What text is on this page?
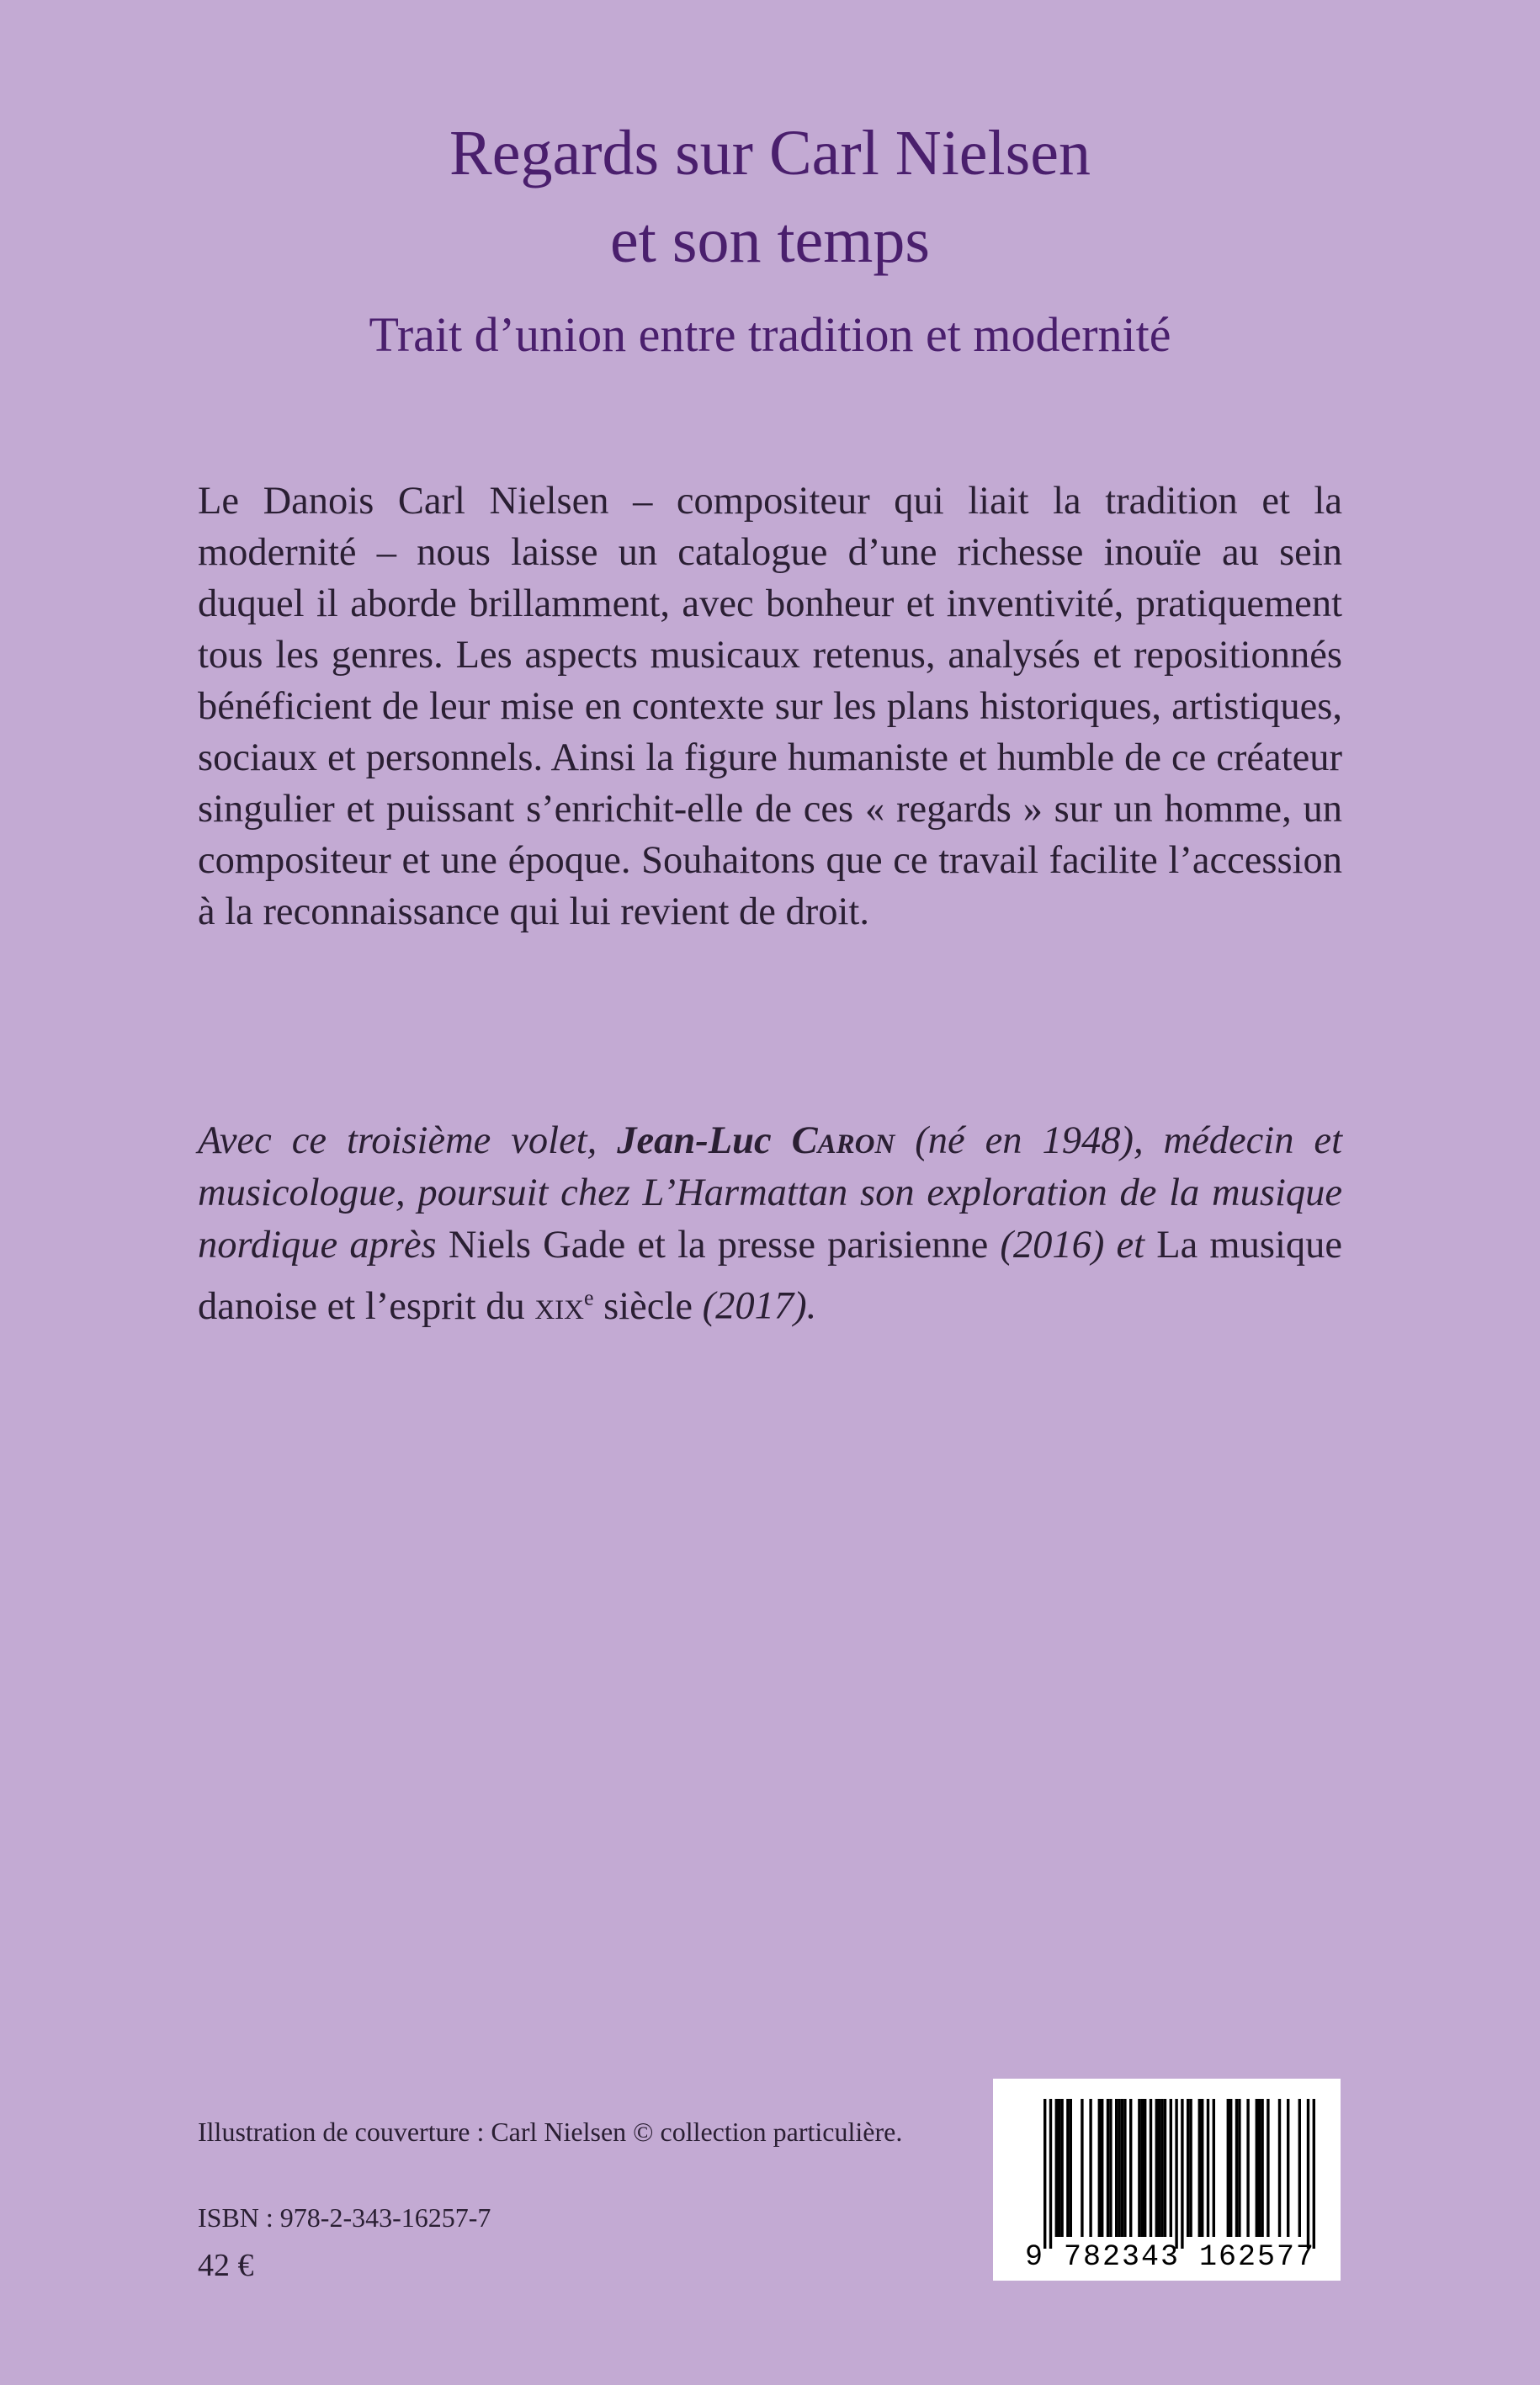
Regards sur Carl Nielsen
et son temps
Trait d’union entre tradition et modernité

Le Danois Carl Nielsen – compositeur qui liait la tradition et la modernité – nous laisse un catalogue d’une richesse inouïe au sein duquel il aborde brillamment, avec bonheur et inventivité, pratiquement tous les genres. Les aspects musicaux retenus, analysés et repositionnés bénéficient de leur mise en contexte sur les plans historiques, artistiques, sociaux et personnels. Ainsi la figure humaniste et humble de ce créateur singulier et puissant s’enrichit-elle de ces « regards » sur un homme, un compositeur et une époque. Souhaitons que ce travail facilite l’accession à la reconnaissance qui lui revient de droit.

Avec ce troisième volet, Jean-Luc Caron (né en 1948), médecin et musicologue, poursuit chez L’Harmattan son exploration de la musique nordique après Niels Gade et la presse parisienne (2016) et La musique danoise et l’esprit du xix$^e$ siècle (2017).

Illustration de couverture : Carl Nielsen © collection particulière.

ISBN : 978-2-343-16257-7

42 €	9 782343 162577
